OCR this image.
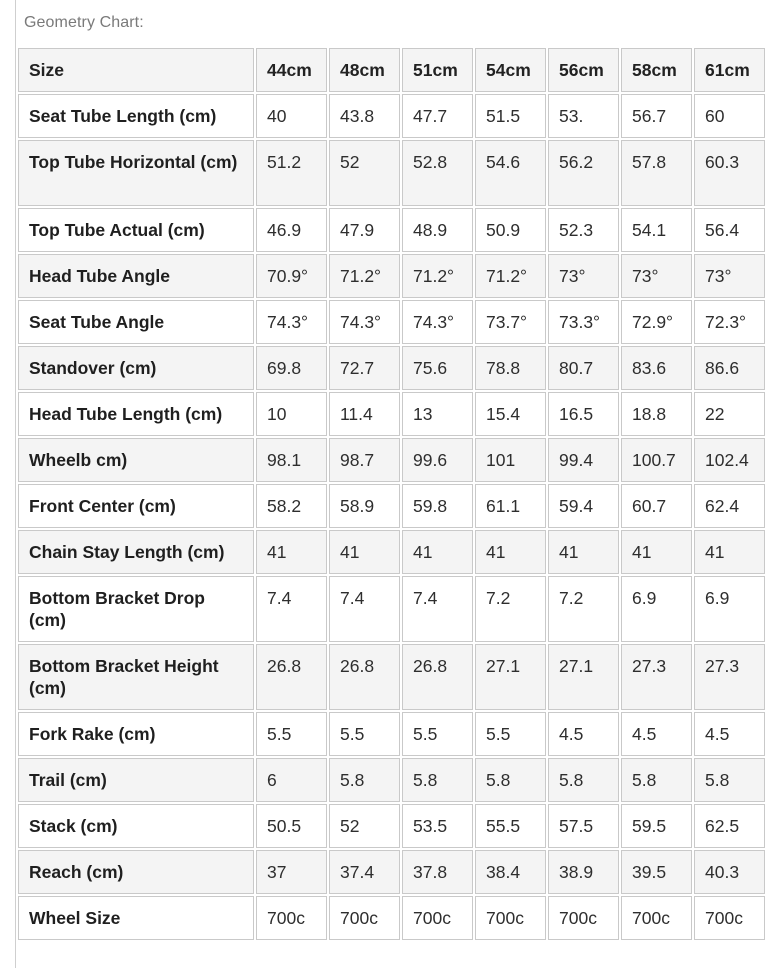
Geometry Chart:
Size	44cm	48cm	51cm	54cm	56cm	58cm	61cm
Seat Tube Length (cm)	40	43.8	47.7	51.5	53.	56.7	60
Top Tube Horizontal (cm)	51.2	52	52.8	54.6	56.2	57.8	60.3
Top Tube Actual (cm)	46.9	47.9	48.9	50.9	52.3	54.1	56.4
Head Tube Angle	70.9°	71.2°	71.2°	71.2°	73°	73°	73°
Seat Tube Angle	74.3°	74.3°	74.3°	73.7°	73.3°	72.9°	72.3°
Standover (cm)	69.8	72.7	75.6	78.8	80.7	83.6	86.6
Head Tube Length (cm)	10	11.4	13	15.4	16.5	18.8	22
Wheelb cm)	98.1	98.7	99.6	101	99.4	100.7	102.4
Front Center (cm)	58.2	58.9	59.8	61.1	59.4	60.7	62.4
Chain Stay Length (cm)	41	41	41	41	41	41	41
Bottom Bracket Drop (cm)	7.4	7.4	7.4	7.2	7.2	6.9	6.9
Bottom Bracket Height (cm)	26.8	26.8	26.8	27.1	27.1	27.3	27.3
Fork Rake (cm)	5.5	5.5	5.5	5.5	4.5	4.5	4.5
Trail (cm)	6	5.8	5.8	5.8	5.8	5.8	5.8
Stack (cm)	50.5	52	53.5	55.5	57.5	59.5	62.5
Reach (cm)	37	37.4	37.8	38.4	38.9	39.5	40.3
Wheel Size	700c	700c	700c	700c	700c	700c	700c
